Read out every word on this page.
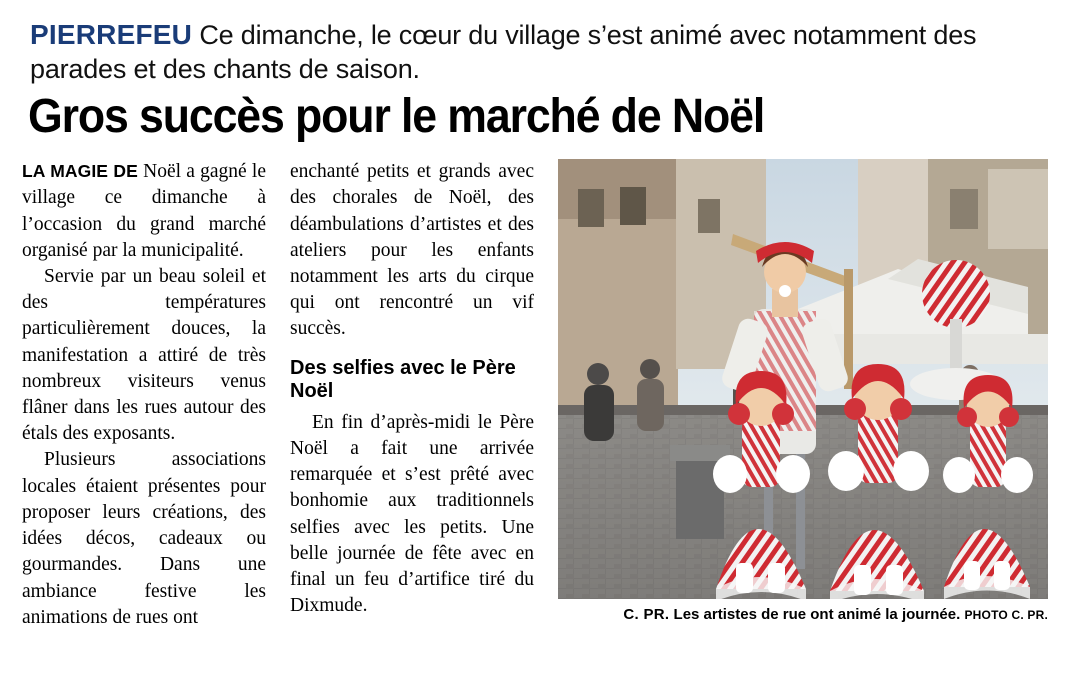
PIERREFEU Ce dimanche, le cœur du village s’est animé avec notamment des parades et des chants de saison.

Gros succès pour le marché de Noël

LA MAGIE DE Noël a gagné le village ce dimanche à l’occasion du grand marché organisé par la municipalité.

Servie par un beau soleil et des températures particulièrement douces, la manifestation a attiré de très nombreux visiteurs venus flâner dans les rues autour des étals des exposants.

Plusieurs associations locales étaient présentes pour proposer leurs créations, des idées décos, cadeaux ou gourmandes. Dans une ambiance festive les animations de rues ont

enchanté petits et grands avec des chorales de Noël, des déambulations d’artistes et des ateliers pour les enfants notamment les arts du cirque qui ont rencontré un vif succès.

Des selfies avec le Père Noël

En fin d’après-midi le Père Noël a fait une arrivée remarquée et s’est prêté avec bonhomie aux traditionnels selfies avec les petits. Une belle journée de fête avec en final un feu d’artifice tiré du Dixmude.	C. PR. Les artistes de rue ont animé la journée. PHOTO C. PR.
